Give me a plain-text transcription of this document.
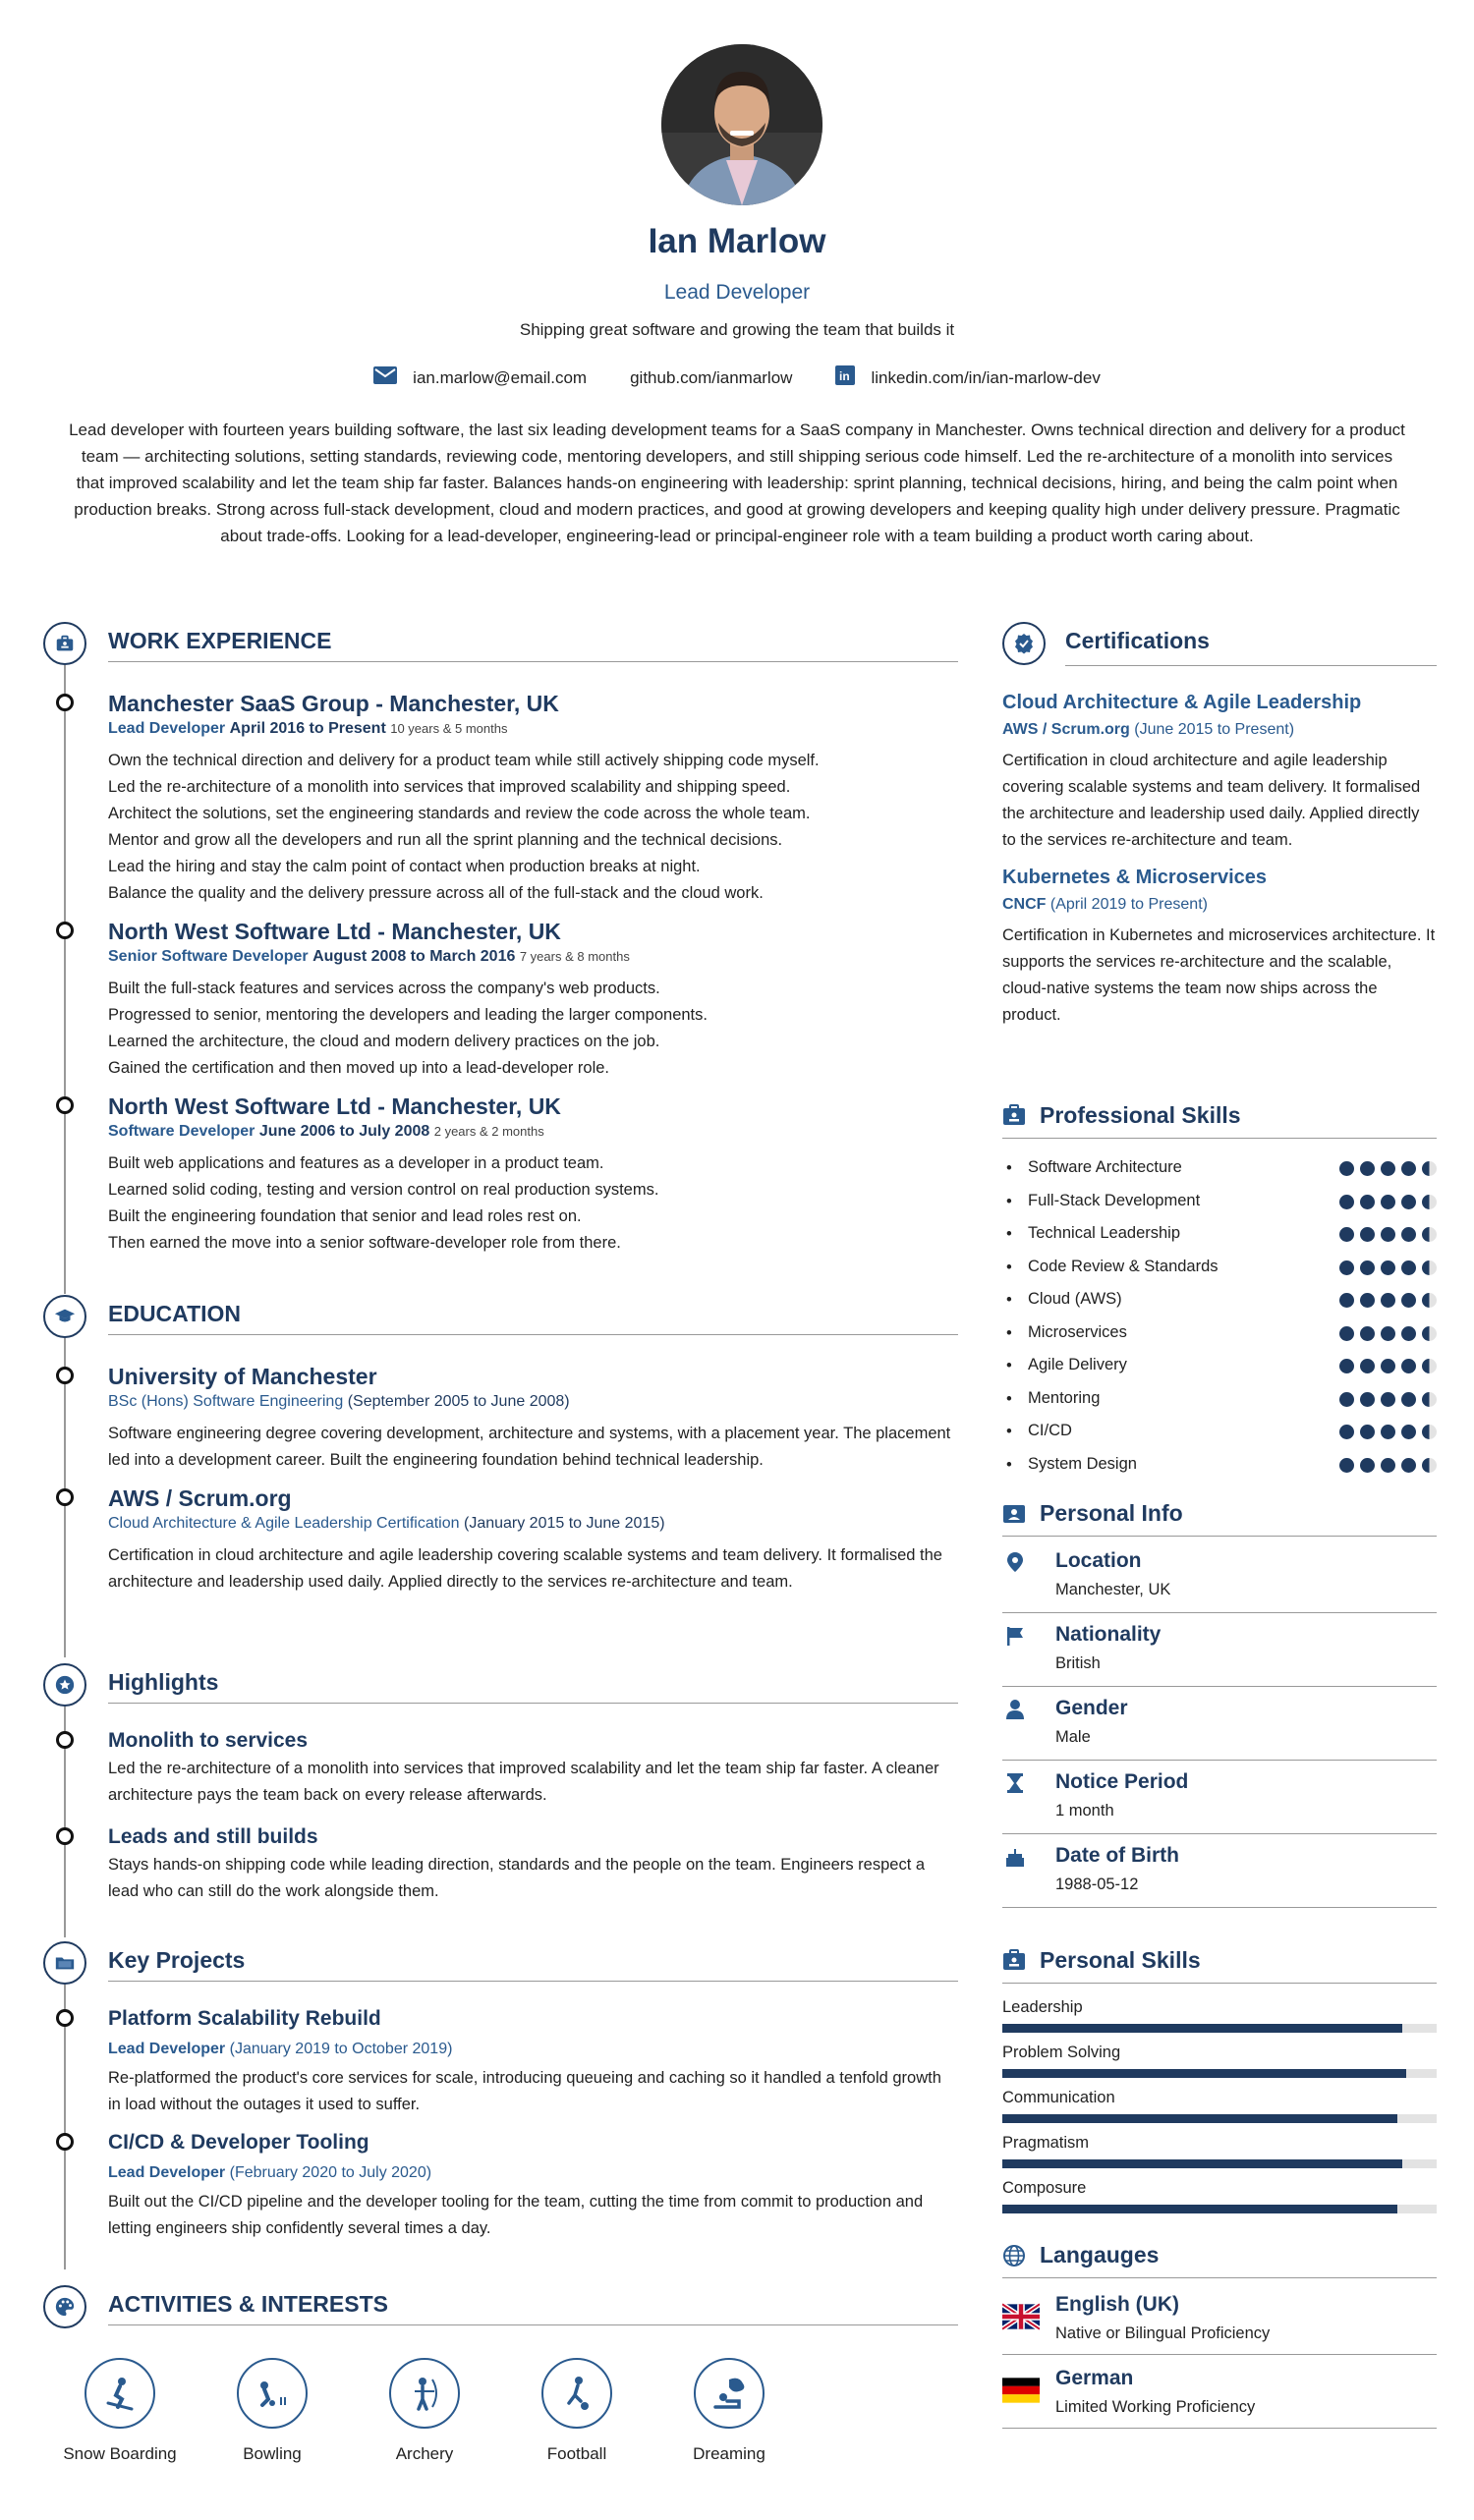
Ian Marlow
Lead Developer
Shipping great software and growing the team that builds it
ian.marlow@email.com	github.com/ianmarlow	in linkedin.com/in/ian-marlow-dev
Lead developer with fourteen years building software, the last six leading development teams for a SaaS company in Manchester. Owns technical direction and delivery for a product team — architecting solutions, setting standards, reviewing code, mentoring developers, and still shipping serious code himself. Led the re-architecture of a monolith into services that improved scalability and let the team ship far faster. Balances hands-on engineering with leadership: sprint planning, technical decisions, hiring, and being the calm point when production breaks. Strong across full-stack development, cloud and modern practices, and good at growing developers and keeping quality high under delivery pressure. Pragmatic about trade-offs. Looking for a lead-developer, engineering-lead or principal-engineer role with a team building a product worth caring about.
WORK EXPERIENCE
Manchester SaaS Group - Manchester, UK
Lead Developer April 2016 to Present 10 years & 5 months
Own the technical direction and delivery for a product team while still actively shipping code myself.
Led the re-architecture of a monolith into services that improved scalability and shipping speed.
Architect the solutions, set the engineering standards and review the code across the whole team.
Mentor and grow all the developers and run all the sprint planning and the technical decisions.
Lead the hiring and stay the calm point of contact when production breaks at night.
Balance the quality and the delivery pressure across all of the full-stack and the cloud work.
North West Software Ltd - Manchester, UK
Senior Software Developer August 2008 to March 2016 7 years & 8 months
Built the full-stack features and services across the company's web products.
Progressed to senior, mentoring the developers and leading the larger components.
Learned the architecture, the cloud and modern delivery practices on the job.
Gained the certification and then moved up into a lead-developer role.
North West Software Ltd - Manchester, UK
Software Developer June 2006 to July 2008 2 years & 2 months
Built web applications and features as a developer in a product team.
Learned solid coding, testing and version control on real production systems.
Built the engineering foundation that senior and lead roles rest on.
Then earned the move into a senior software-developer role from there.
EDUCATION
University of Manchester
BSc (Hons) Software Engineering (September 2005 to June 2008)
Software engineering degree covering development, architecture and systems, with a placement year. The placement led into a development career. Built the engineering foundation behind technical leadership.
AWS / Scrum.org
Cloud Architecture & Agile Leadership Certification (January 2015 to June 2015)
Certification in cloud architecture and agile leadership covering scalable systems and team delivery. It formalised the architecture and leadership used daily. Applied directly to the services re-architecture and team.
Highlights
Monolith to services
Led the re-architecture of a monolith into services that improved scalability and let the team ship far faster. A cleaner architecture pays the team back on every release afterwards.
Leads and still builds
Stays hands-on shipping code while leading direction, standards and the people on the team. Engineers respect a lead who can still do the work alongside them.
Key Projects
Platform Scalability Rebuild
Lead Developer (January 2019 to October 2019)
Re-platformed the product's core services for scale, introducing queueing and caching so it handled a tenfold growth in load without the outages it used to suffer.
CI/CD & Developer Tooling
Lead Developer (February 2020 to July 2020)
Built out the CI/CD pipeline and the developer tooling for the team, cutting the time from commit to production and letting engineers ship confidently several times a day.
ACTIVITIES & INTERESTS
Snow Boarding	Bowling	Archery	Football	Dreaming
Certifications
Cloud Architecture & Agile Leadership
AWS / Scrum.org (June 2015 to Present)
Certification in cloud architecture and agile leadership covering scalable systems and team delivery. It formalised the architecture and leadership used daily. Applied directly to the services re-architecture and team.
Kubernetes & Microservices
CNCF (April 2019 to Present)
Certification in Kubernetes and microservices architecture. It supports the services re-architecture and the scalable, cloud-native systems the team now ships across the product.
Professional Skills
• Software Architecture
• Full-Stack Development
• Technical Leadership
• Code Review & Standards
• Cloud (AWS)
• Microservices
• Agile Delivery
• Mentoring
• CI/CD
• System Design
Personal Info
Location
Manchester, UK
Nationality
British
Gender
Male
Notice Period
1 month
Date of Birth
1988-05-12
Personal Skills
Leadership
Problem Solving
Communication
Pragmatism
Composure
Langauges
English (UK)
Native or Bilingual Proficiency
German
Limited Working Proficiency
